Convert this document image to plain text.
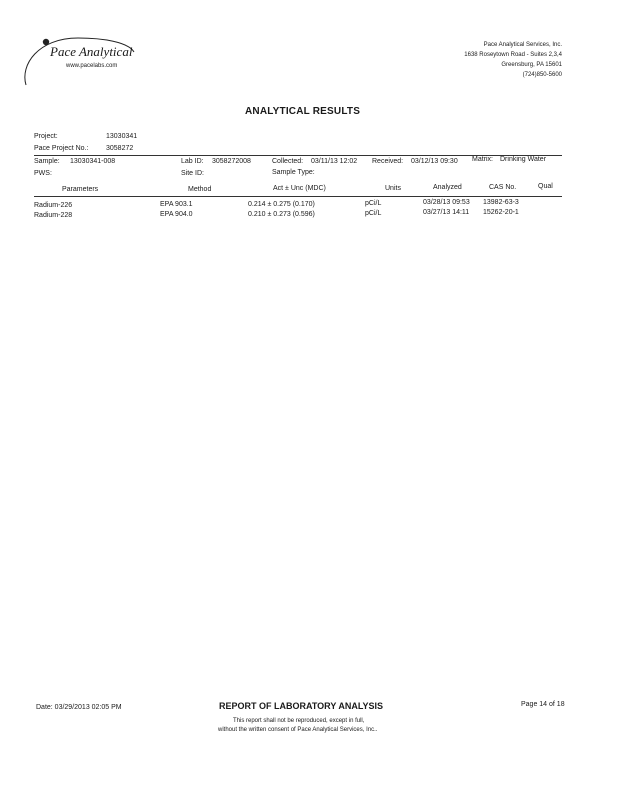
Pace Analytical
www.pacelabs.com
Pace Analytical Services, Inc.
1638 Roseytown Road - Suites 2,3,4
Greensburg, PA 15601
(724)850-5600
ANALYTICAL RESULTS
Project:	13030341
Pace Project No.:	3058272
Sample: 13030341-008	Lab ID: 3058272008	Collected: 03/11/13 12:02 Received: 03/12/13 09:30 Matrix: Drinking Water
PWS:	Site ID:	Sample Type:
Parameters	Method	Act ± Unc (MDC)	Units	Analyzed	CAS No.	Qual
Radium-226	EPA 903.1	0.214 ± 0.275 (0.170)	pCi/L	03/28/13 09:53 13982-63-3
Radium-228	EPA 904.0	0.210 ± 0.273 (0.596)	pCi/L	03/27/13 14:11 15262-20-1
Date: 03/29/2013 02:05 PM	REPORT OF LABORATORY ANALYSIS	Page 14 of 18
This report shall not be reproduced, except in full,
without the written consent of Pace Analytical Services, Inc..
